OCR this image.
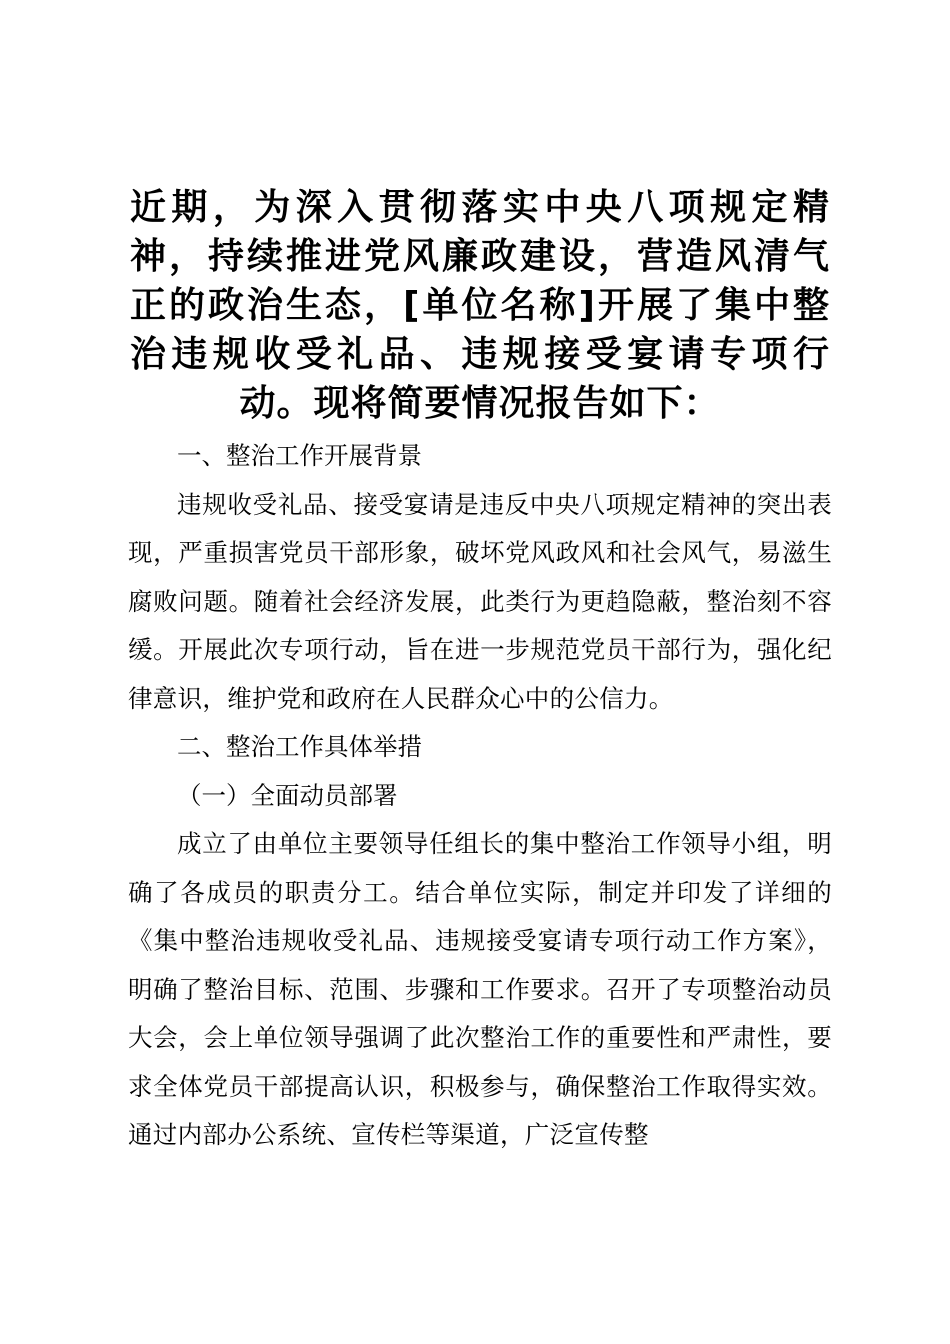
近期，为深入贯彻落实中央八项规定精神，持续推进党风廉政建设，营造风清气正的政治生态，[单位名称]开展了集中整治违规收受礼品、违规接受宴请专项行动。现将简要情况报告如下：

一、整治工作开展背景

违规收受礼品、接受宴请是违反中央八项规定精神的突出表现，严重损害党员干部形象，破坏党风政风和社会风气，易滋生腐败问题。随着社会经济发展，此类行为更趋隐蔽，整治刻不容缓。开展此次专项行动，旨在进一步规范党员干部行为，强化纪律意识，维护党和政府在人民群众心中的公信力。

二、整治工作具体举措

（一）全面动员部署

成立了由单位主要领导任组长的集中整治工作领导小组，明确了各成员的职责分工。结合单位实际，制定并印发了详细的《集中整治违规收受礼品、违规接受宴请专项行动工作方案》，明确了整治目标、范围、步骤和工作要求。召开了专项整治动员大会，会上单位领导强调了此次整治工作的重要性和严肃性，要求全体党员干部提高认识，积极参与，确保整治工作取得实效。通过内部办公系统、宣传栏等渠道，广泛宣传整
